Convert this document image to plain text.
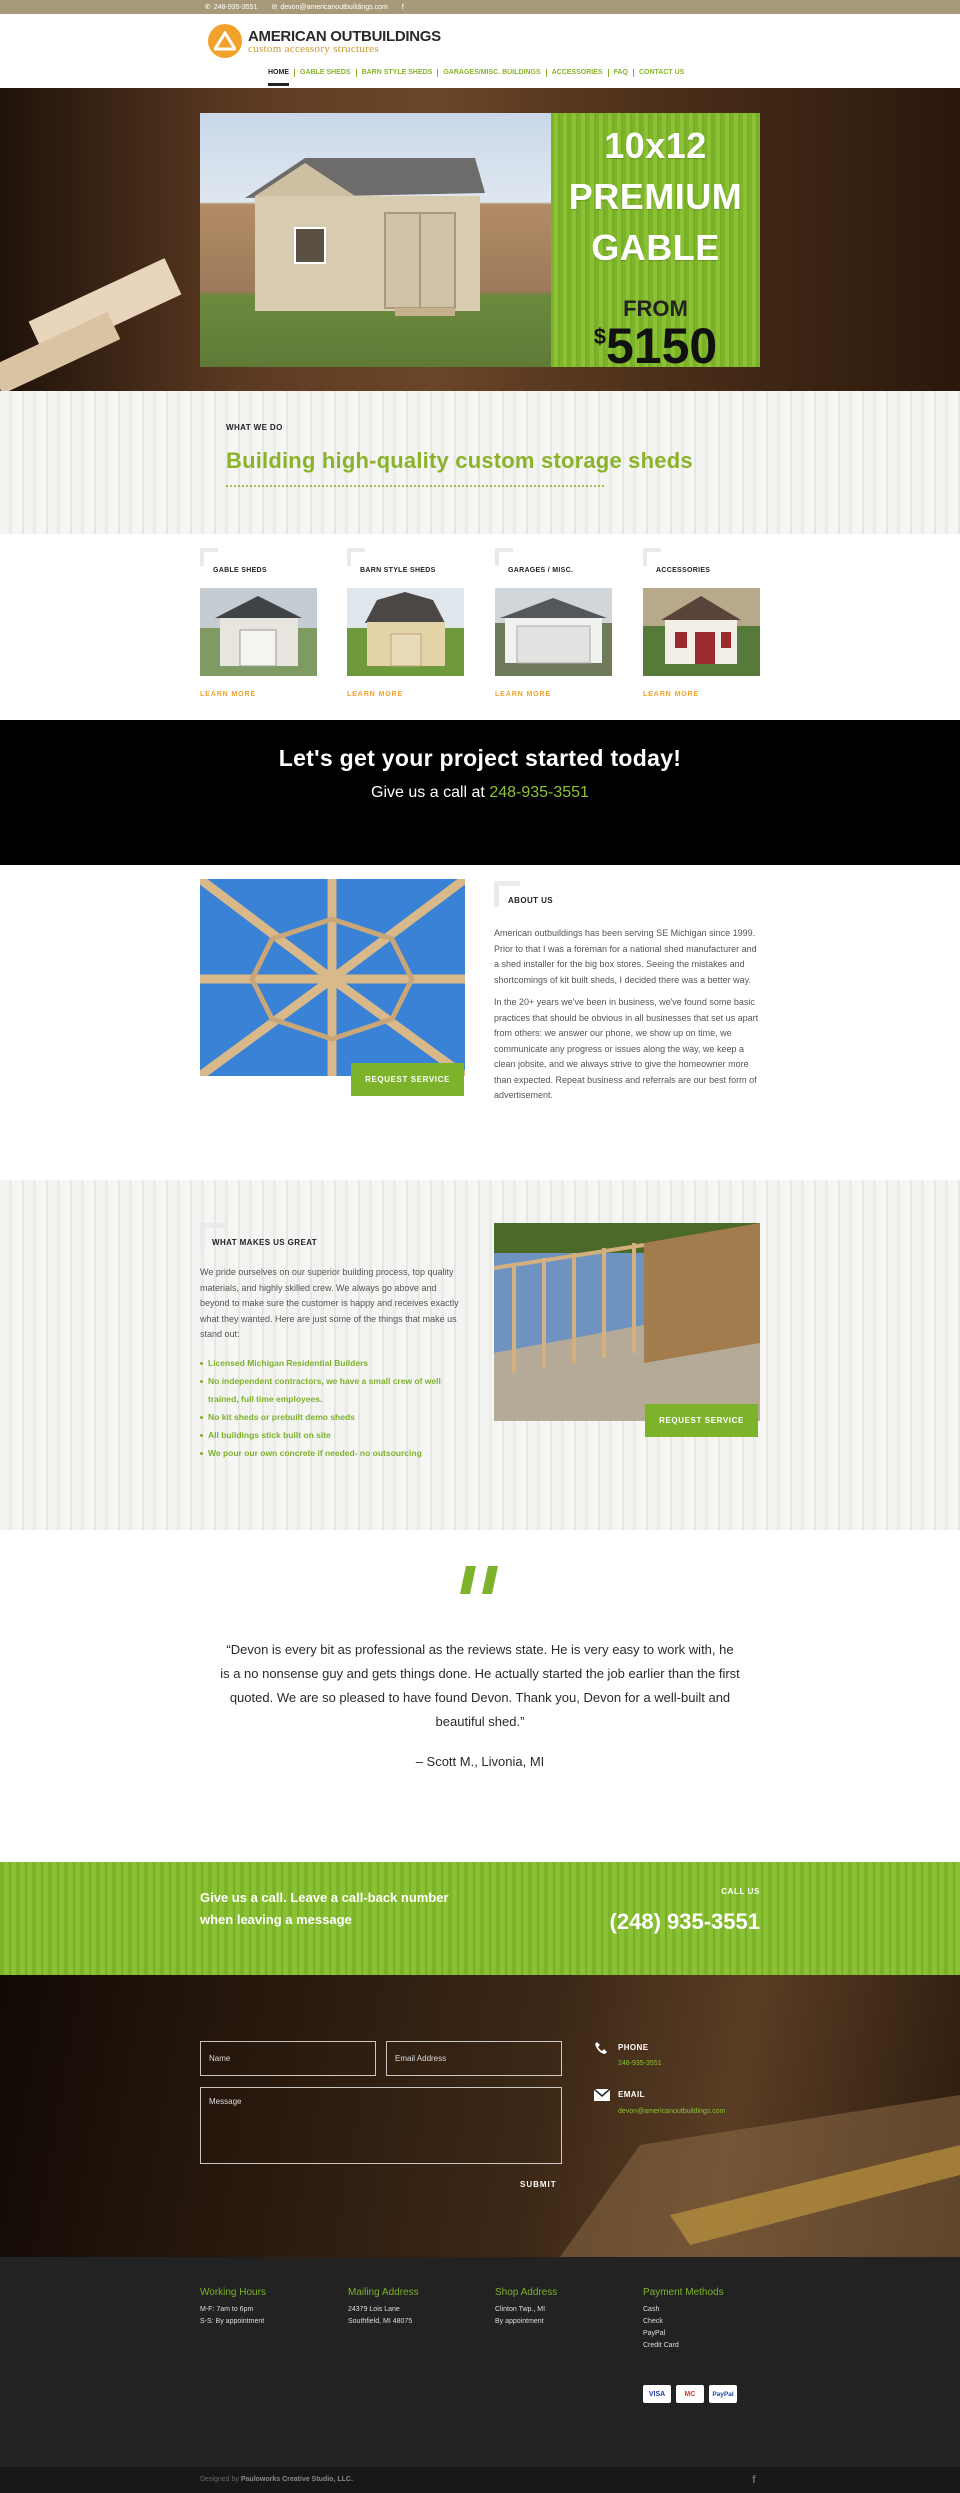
✆ 248-935-3551 ✉ devon@americanoutbuildings.com f
AMERICAN OUTBUILDINGS
custom accessory structures
HOME	GABLE SHEDS	BARN STYLE SHEDS	GARAGES/MISC. BUILDINGS	ACCESSORIES	FAQ	CONTACT US
10x12
PREMIUM
GABLE
FROM
$5150
WHAT WE DO
Building high-quality custom storage sheds
GABLE SHEDS
LEARN MORE
BARN STYLE SHEDS
LEARN MORE
GARAGES / MISC.
LEARN MORE
ACCESSORIES
LEARN MORE
Let's get your project started today!

Give us a call at 248-935-3551

REQUEST SERVICE
ABOUT US

American outbuildings has been serving SE Michigan since 1999. Prior to that I was a foreman for a national shed manufacturer and a shed installer for the big box stores. Seeing the mistakes and shortcomings of kit built sheds, I decided there was a better way.

In the 20+ years we've been in business, we've found some basic practices that should be obvious in all businesses that set us apart from others: we answer our phone, we show up on time, we communicate any progress or issues along the way, we keep a clean jobsite, and we always strive to give the homeowner more than expected. Repeat business and referrals are our best form of advertisement.

WHAT MAKES US GREAT

We pride ourselves on our superior building process, top quality materials, and highly skilled crew. We always go above and beyond to make sure the customer is happy and receives exactly what they wanted. Here are just some of the things that make us stand out:

Licensed Michigan Residential Builders
No independent contractors, we have a small crew of well trained, full time employees.
No kit sheds or prebuilt demo sheds
All buildings stick built on site
We pour our own concrete if needed- no outsourcing
REQUEST SERVICE

“Devon is every bit as professional as the reviews state. He is very easy to work with, he is a no nonsense guy and gets things done. He actually started the job earlier than the first quoted. We are so pleased to have found Devon. Thank you, Devon for a well-built and beautiful shed.”

– Scott M., Livonia, MI

Give us a call. Leave a call-back number when leaving a message
CALL US
(248) 935-3551
Name
Email Address
Message
SUBMIT
PHONE
248-935-3551
EMAIL
devon@americanoutbuildings.com
Working Hours
M-F: 7am to 6pm
S-S: By appointment
Mailing Address
24379 Lois Lane
Southfield, MI 48075
Shop Address
Clinton Twp., MI
By appointment
Payment Methods
Cash
Check
PayPal
Credit Card
VISA	MC	PayPal
Designed by Pauloworks Creative Studio, LLC.	f
